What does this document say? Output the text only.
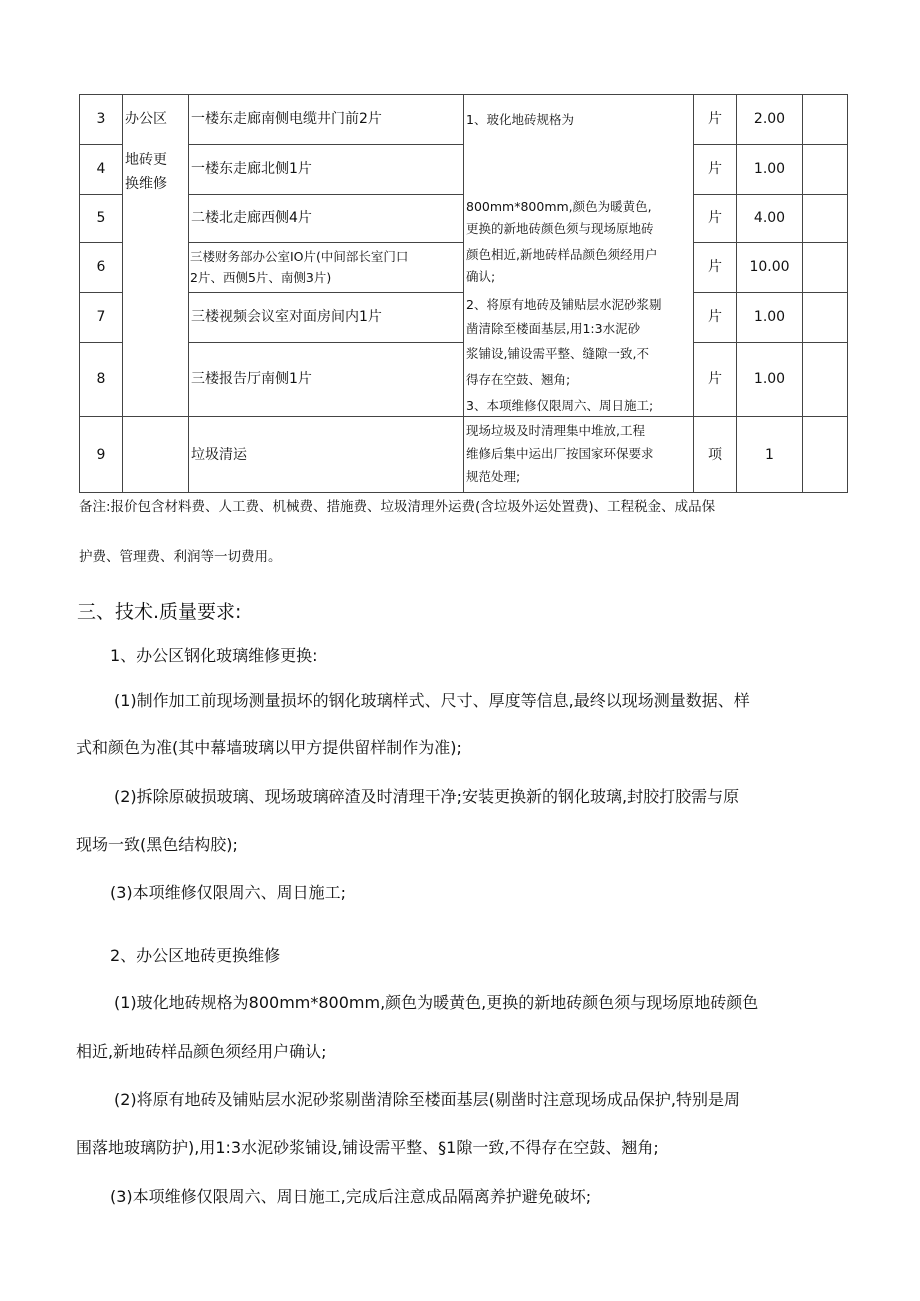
3
4
5
6
7
8
9
办公区
地砖更
换维修
一楼东走廊南侧电缆井门前2片
一楼东走廊北侧1片
二楼北走廊西侧4片
三楼财务部办公室IO片(中间部长室门口
2片、西侧5片、南侧3片)
三楼视频会议室对面房间内1片
三楼报告厅南侧1片
垃圾清运
1、玻化地砖规格为
800mm*800mm,颜色为暖黄色,
更换的新地砖颜色须与现场原地砖
颜色相近,新地砖样品颜色须经用户
确认;
2、将原有地砖及铺贴层水泥砂浆剔
凿清除至楼面基层,用1:3水泥砂
浆铺设,铺设需平整、缝隙一致,不
得存在空鼓、翘角;
3、本项维修仅限周六、周日施工;
现场垃圾及时清理集中堆放,工程
维修后集中运出厂按国家环保要求
规范处理;
片
片
片
片
片
片
项
2.00
1.00
4.00
10.00
1.00
1.00
1
备注:报价包含材料费、人工费、机械费、措施费、垃圾清理外运费(含垃圾外运处置费)、工程税金、成品保
护费、管理费、利润等一切费用。
三、技术.质量要求:
1、办公区钢化玻璃维修更换:
(1)制作加工前现场测量损坏的钢化玻璃样式、尺寸、厚度等信息,最终以现场测量数据、样
式和颜色为准(其中幕墙玻璃以甲方提供留样制作为准);
(2)拆除原破损玻璃、现场玻璃碎渣及时清理干净;安装更换新的钢化玻璃,封胶打胶需与原
现场一致(黑色结构胶);
(3)本项维修仅限周六、周日施工;
2、办公区地砖更换维修
(1)玻化地砖规格为800mm*800mm,颜色为暖黄色,更换的新地砖颜色须与现场原地砖颜色
相近,新地砖样品颜色须经用户确认;
(2)将原有地砖及铺贴层水泥砂浆剔凿清除至楼面基层(剔凿时注意现场成品保护,特别是周
围落地玻璃防护),用1:3水泥砂浆铺设,铺设需平整、§1隙一致,不得存在空鼓、翘角;
(3)本项维修仅限周六、周日施工,完成后注意成品隔离养护避免破坏;
